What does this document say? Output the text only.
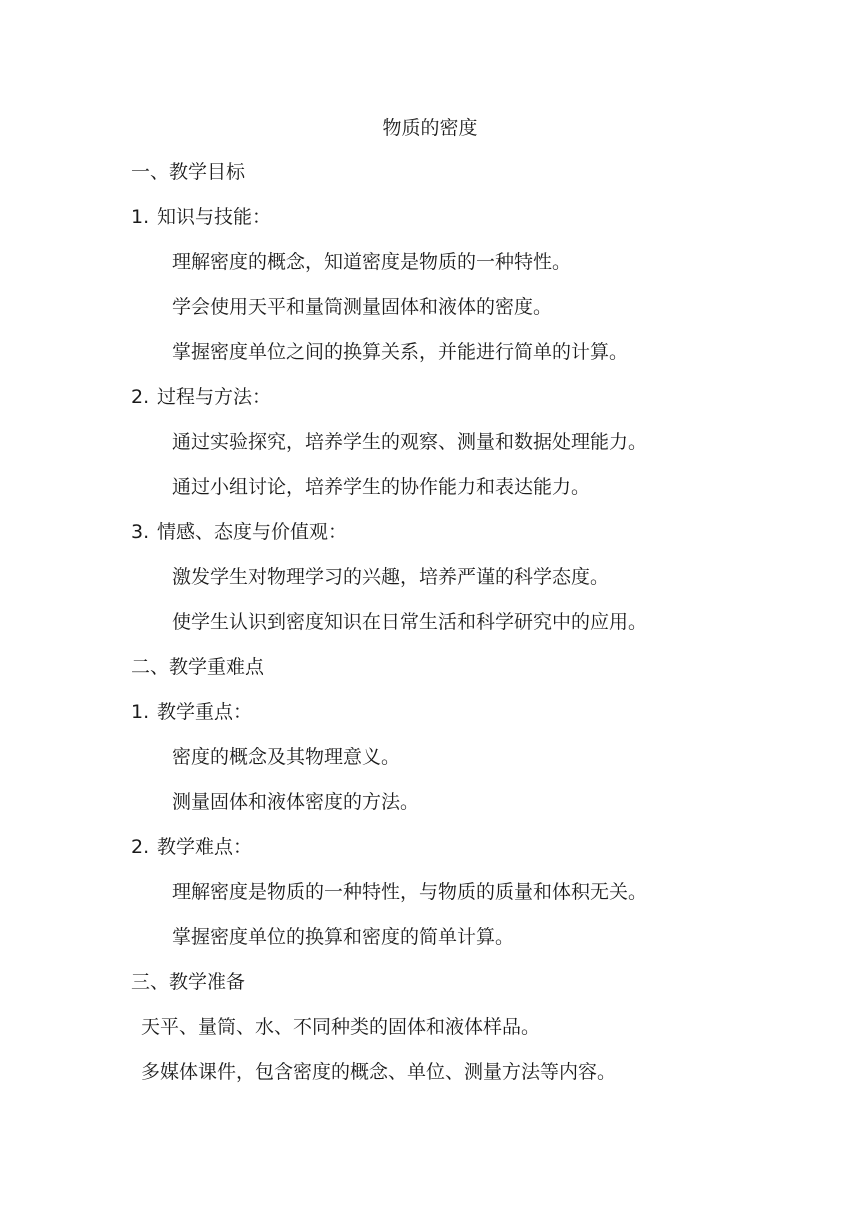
物质的密度
一、教学目标
1. 知识与技能：
理解密度的概念，知道密度是物质的一种特性。
学会使用天平和量筒测量固体和液体的密度。
掌握密度单位之间的换算关系，并能进行简单的计算。
2. 过程与方法：
通过实验探究，培养学生的观察、测量和数据处理能力。
通过小组讨论，培养学生的协作能力和表达能力。
3. 情感、态度与价值观：
激发学生对物理学习的兴趣，培养严谨的科学态度。
使学生认识到密度知识在日常生活和科学研究中的应用。
二、教学重难点
1. 教学重点：
密度的概念及其物理意义。
测量固体和液体密度的方法。
2. 教学难点：
理解密度是物质的一种特性，与物质的质量和体积无关。
掌握密度单位的换算和密度的简单计算。
三、教学准备
天平、量筒、水、不同种类的固体和液体样品。
多媒体课件，包含密度的概念、单位、测量方法等内容。
